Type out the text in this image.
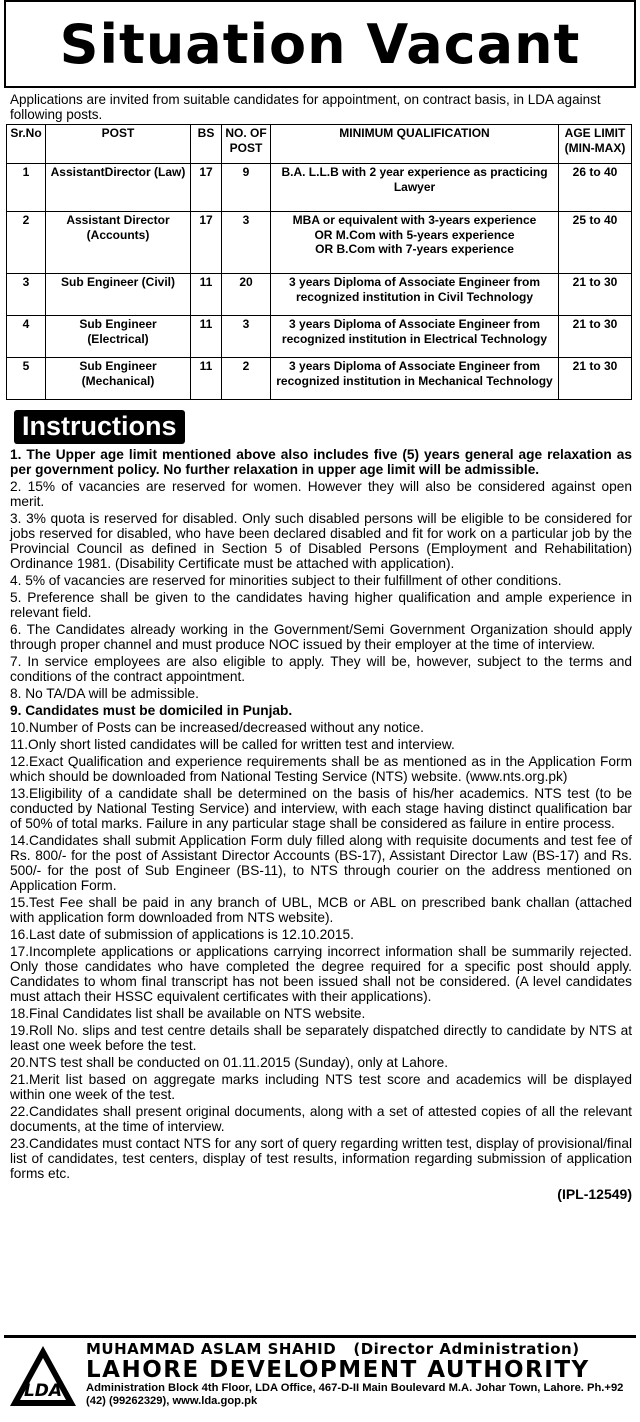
Situation Vacant
Applications are invited from suitable candidates for appointment, on contract basis, in LDA against following posts.
Sr.No	POST	BS	NO. OF POST	MINIMUM QUALIFICATION	AGE LIMIT (MIN-MAX)
1	AssistantDirector (Law)	17	9	B.A. L.L.B with 2 year experience as practicing Lawyer	26 to 40
2	Assistant Director (Accounts)	17	3	MBA or equivalent with 3-years experience
OR M.Com with 5-years experience
OR B.Com with 7-years experience	25 to 40
3	Sub Engineer (Civil)	11	20	3 years Diploma of Associate Engineer from recognized institution in Civil Technology	21 to 30
4	Sub Engineer (Electrical)	11	3	3 years Diploma of Associate Engineer from recognized institution in Electrical Technology	21 to 30
5	Sub Engineer (Mechanical)	11	2	3 years Diploma of Associate Engineer from recognized institution in Mechanical Technology	21 to 30
Instructions

1. The Upper age limit mentioned above also includes five (5) years general age relaxation as per government policy. No further relaxation in upper age limit will be admissible.

2. 15% of vacancies are reserved for women. However they will also be considered against open merit.

3. 3% quota is reserved for disabled. Only such disabled persons will be eligible to be considered for jobs reserved for disabled, who have been declared disabled and fit for work on a particular job by the Provincial Council as defined in Section 5 of Disabled Persons (Employment and Rehabilitation) Ordinance 1981. (Disability Certificate must be attached with application).

4. 5% of vacancies are reserved for minorities subject to their fulfillment of other conditions.

5. Preference shall be given to the candidates having higher qualification and ample experience in relevant field.

6. The Candidates already working in the Government/Semi Government Organization should apply through proper channel and must produce NOC issued by their employer at the time of interview.

7. In service employees are also eligible to apply. They will be, however, subject to the terms and conditions of the contract appointment.

8. No TA/DA will be admissible.

9. Candidates must be domiciled in Punjab.

10.Number of Posts can be increased/decreased without any notice.

11.Only short listed candidates will be called for written test and interview.

12.Exact Qualification and experience requirements shall be as mentioned as in the Application Form which should be downloaded from National Testing Service (NTS) website. (www.nts.org.pk)

13.Eligibility of a candidate shall be determined on the basis of his/her academics. NTS test (to be conducted by National Testing Service) and interview, with each stage having distinct qualification bar of 50% of total marks. Failure in any particular stage shall be considered as failure in entire process.

14.Candidates shall submit Application Form duly filled along with requisite documents and test fee of Rs. 800/- for the post of Assistant Director Accounts (BS-17), Assistant Director Law (BS-17) and Rs. 500/- for the post of Sub Engineer (BS-11), to NTS through courier on the address mentioned on Application Form.

15.Test Fee shall be paid in any branch of UBL, MCB or ABL on prescribed bank challan (attached with application form downloaded from NTS website).

16.Last date of submission of applications is 12.10.2015.

17.Incomplete applications or applications carrying incorrect information shall be summarily rejected. Only those candidates who have completed the degree required for a specific post should apply. Candidates to whom final transcript has not been issued shall not be considered. (A level candidates must attach their HSSC equivalent certificates with their applications).

18.Final Candidates list shall be available on NTS website.

19.Roll No. slips and test centre details shall be separately dispatched directly to candidate by NTS at least one week before the test.

20.NTS test shall be conducted on 01.11.2015 (Sunday), only at Lahore.

21.Merit list based on aggregate marks including NTS test score and academics will be displayed within one week of the test.

22.Candidates shall present original documents, along with a set of attested copies of all the relevant documents, at the time of interview.

23.Candidates must contact NTS for any sort of query regarding written test, display of provisional/final list of candidates, test centers, display of test results, information regarding submission of application forms etc.

(IPL-12549)
LDA
MUHAMMAD ASLAM SHAHID   (Director Administration)
LAHORE DEVELOPMENT AUTHORITY
Administration Block 4th Floor, LDA Office, 467-D-II Main Boulevard M.A. Johar Town, Lahore. Ph.+92 (42) (99262329), www.lda.gop.pk
